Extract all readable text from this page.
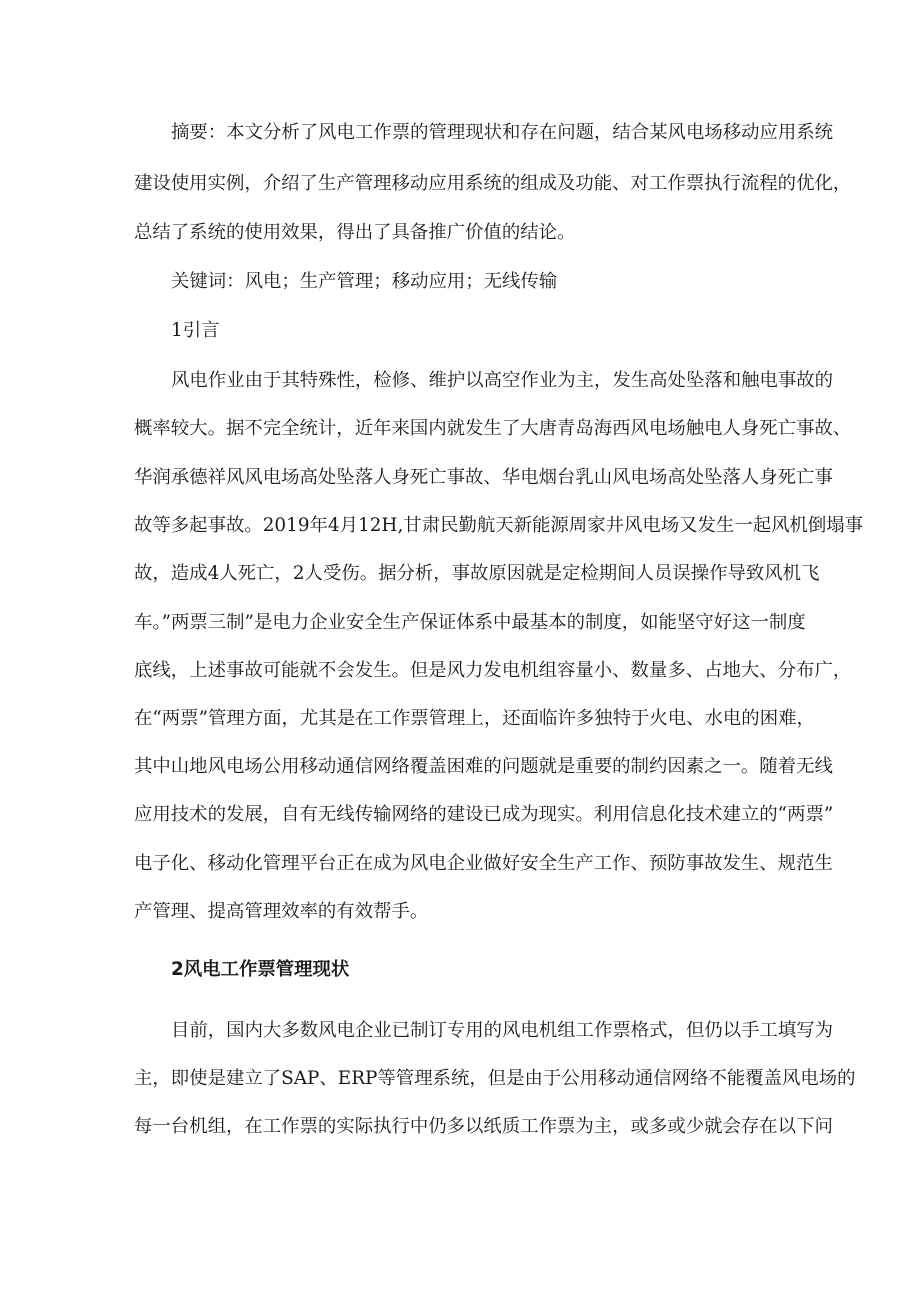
摘要：本文分析了风电工作票的管理现状和存在问题，结合某风电场移动应用系统
建设使用实例，介绍了生产管理移动应用系统的组成及功能、对工作票执行流程的优化，
总结了系统的使用效果，得出了具备推广价值的结论。
关键词：风电；生产管理；移动应用；无线传输
1引言
风电作业由于其特殊性，检修、维护以高空作业为主，发生高处坠落和触电事故的
概率较大。据不完全统计，近年来国内就发生了大唐青岛海西风电场触电人身死亡事故、
华润承德祥风风电场高处坠落人身死亡事故、华电烟台乳山风电场高处坠落人身死亡事
故等多起事故。2019年4月12H,甘肃民勤航天新能源周家井风电场又发生一起风机倒塌事
故，造成4人死亡，2人受伤。据分析，事故原因就是定检期间人员误操作导致风机飞
车。”两票三制”是电力企业安全生产保证体系中最基本的制度，如能坚守好这一制度
底线，上述事故可能就不会发生。但是风力发电机组容量小、数量多、占地大、分布广，
在“两票”管理方面，尤其是在工作票管理上，还面临许多独特于火电、水电的困难，
其中山地风电场公用移动通信网络覆盖困难的问题就是重要的制约因素之一。随着无线
应用技术的发展，自有无线传输网络的建设已成为现实。利用信息化技术建立的“两票”
电子化、移动化管理平台正在成为风电企业做好安全生产工作、预防事故发生、规范生
产管理、提高管理效率的有效帮手。
2风电工作票管理现状
目前，国内大多数风电企业已制订专用的风电机组工作票格式，但仍以手工填写为
主，即使是建立了SAP、ERP等管理系统，但是由于公用移动通信网络不能覆盖风电场的
每一台机组，在工作票的实际执行中仍多以纸质工作票为主，或多或少就会存在以下问
